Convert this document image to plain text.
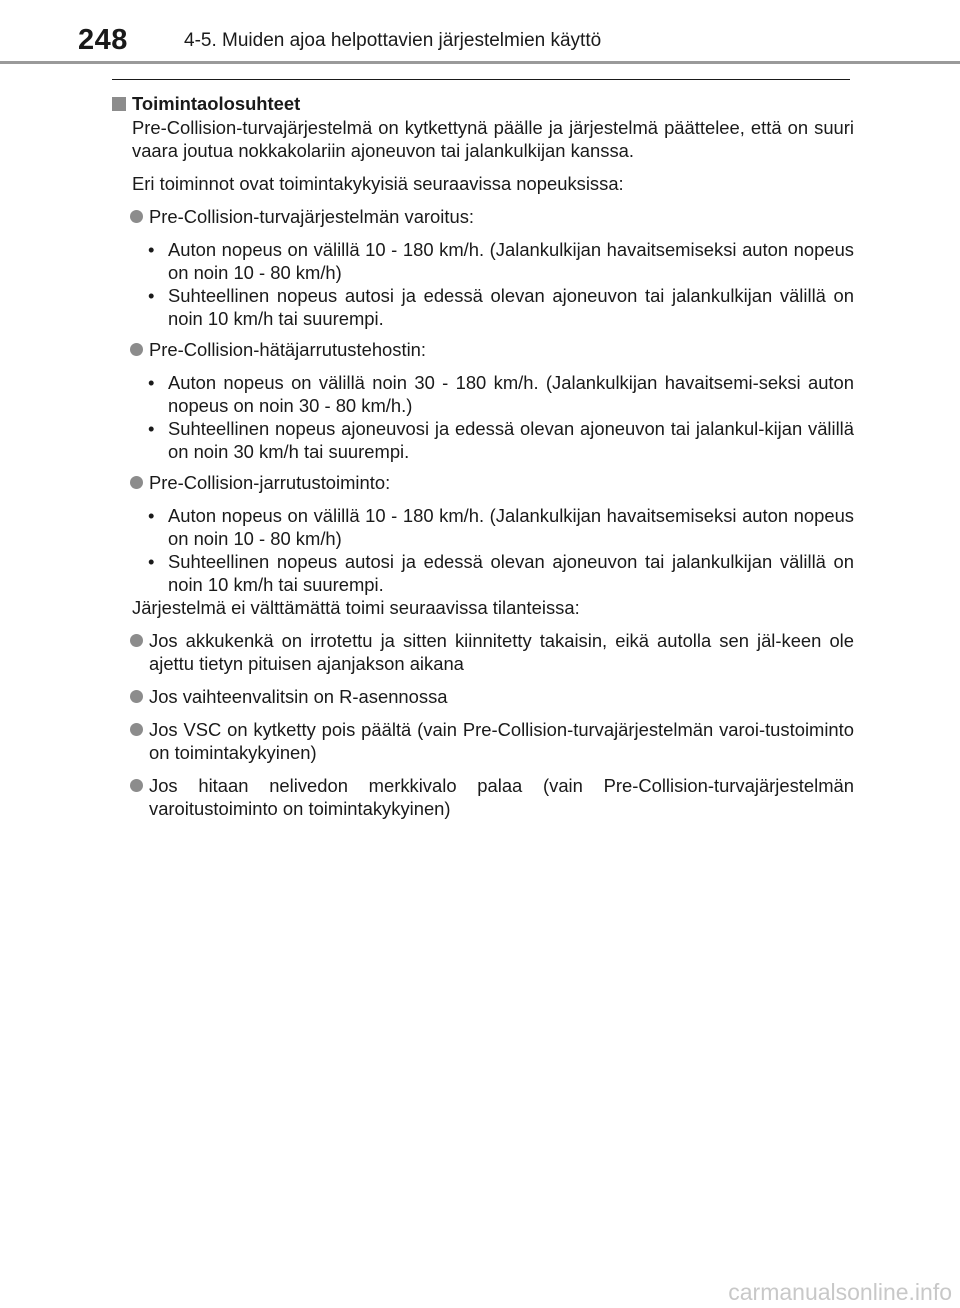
248	4-5. Muiden ajoa helpottavien järjestelmien käyttö
Toimintaolosuhteet

Pre-Collision-turvajärjestelmä on kytkettynä päälle ja järjestelmä päättelee, että on suuri vaara joutua nokkakolariin ajoneuvon tai jalankulkijan kanssa.

Eri toiminnot ovat toimintakykyisiä seuraavissa nopeuksissa:

Pre-Collision-turvajärjestelmän varoitus:
• Auton nopeus on välillä 10 - 180 km/h. (Jalankulkijan havaitsemiseksi auton nopeus on noin 10 - 80 km/h)
• Suhteellinen nopeus autosi ja edessä olevan ajoneuvon tai jalankulkijan välillä on noin 10 km/h tai suurempi.
Pre-Collision-hätäjarrutustehostin:
• Auton nopeus on välillä noin 30 - 180 km/h. (Jalankulkijan havaitsemi-seksi auton nopeus on noin 30 - 80 km/h.)
• Suhteellinen nopeus ajoneuvosi ja edessä olevan ajoneuvon tai jalankul-kijan välillä on noin 30 km/h tai suurempi.
Pre-Collision-jarrutustoiminto:
• Auton nopeus on välillä 10 - 180 km/h. (Jalankulkijan havaitsemiseksi auton nopeus on noin 10 - 80 km/h)
• Suhteellinen nopeus autosi ja edessä olevan ajoneuvon tai jalankulkijan välillä on noin 10 km/h tai suurempi.

Järjestelmä ei välttämättä toimi seuraavissa tilanteissa:

Jos akkukenkä on irrotettu ja sitten kiinnitetty takaisin, eikä autolla sen jäl-keen ole ajettu tietyn pituisen ajanjakson aikana
Jos vaihteenvalitsin on R-asennossa
Jos VSC on kytketty pois päältä (vain Pre-Collision-turvajärjestelmän varoi-tustoiminto on toimintakykyinen)
Jos hitaan nelivedon merkkivalo palaa (vain Pre-Collision-turvajärjestelmän varoitustoiminto on toimintakykyinen)
carmanualsonline.info
